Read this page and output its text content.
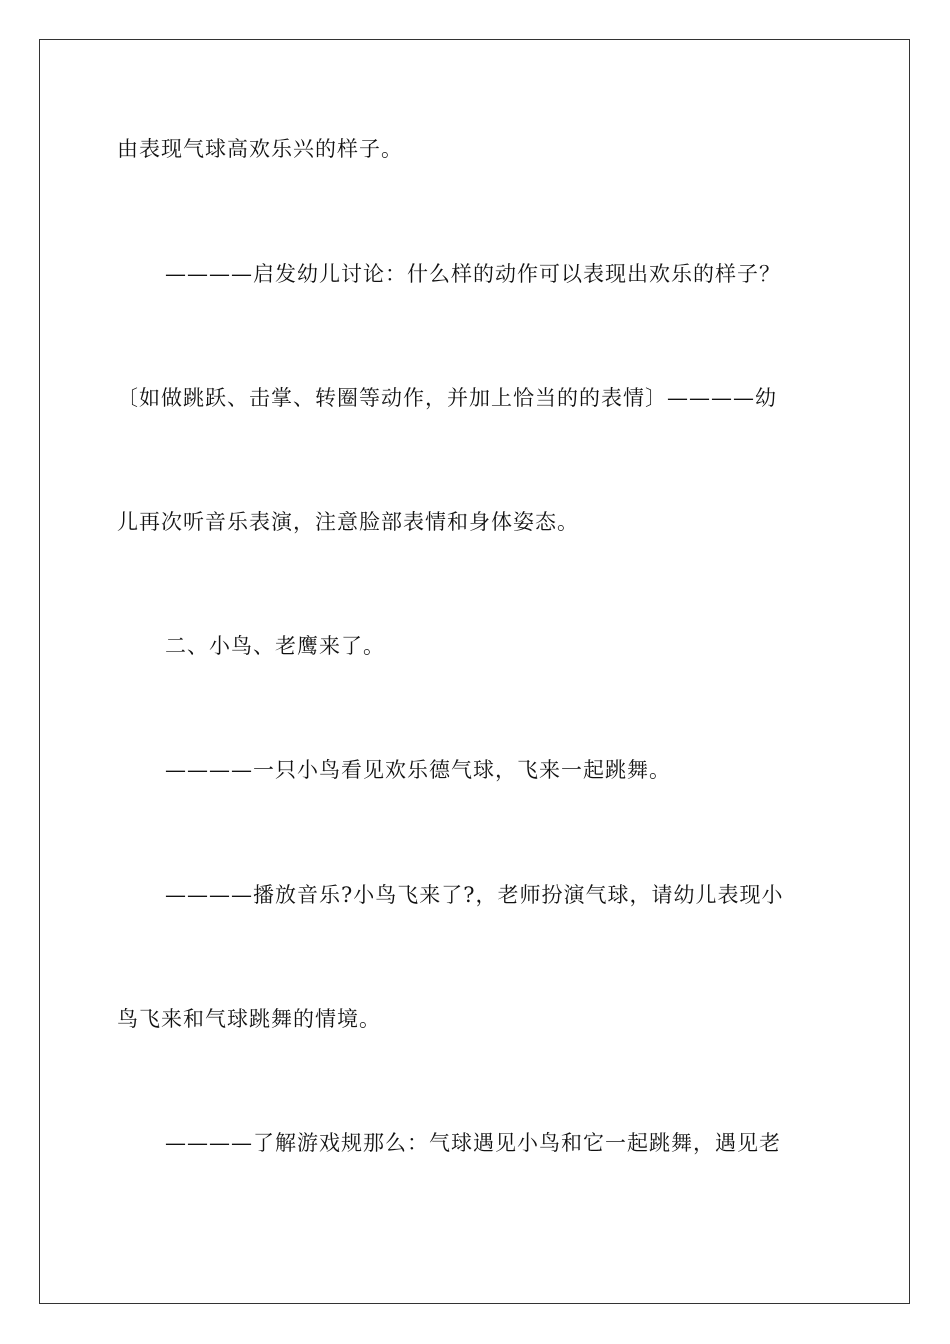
由表现气球高欢乐兴的样子。
————启发幼儿讨论：什么样的动作可以表现出欢乐的样子？
〔如做跳跃、击掌、转圈等动作，并加上恰当的的表情〕————幼
儿再次听音乐表演，注意脸部表情和身体姿态。
二、小鸟、老鹰来了。
————一只小鸟看见欢乐德气球，飞来一起跳舞。
————播放音乐?小鸟飞来了?，老师扮演气球，请幼儿表现小
鸟飞来和气球跳舞的情境。
————了解游戏规那么：气球遇见小鸟和它一起跳舞，遇见老
